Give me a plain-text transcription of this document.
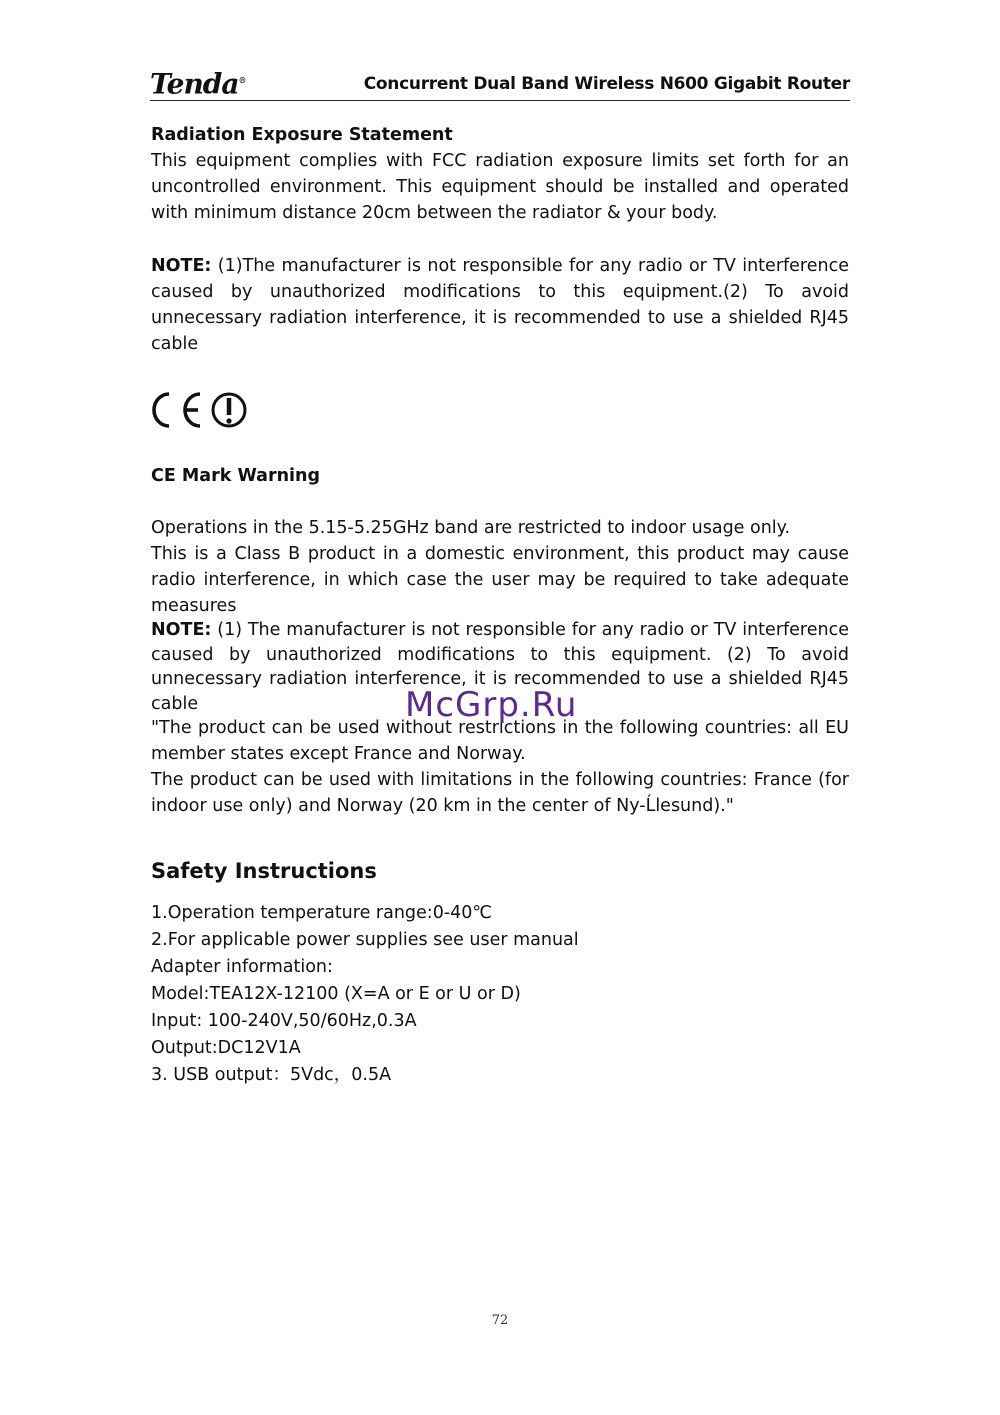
Tenda®	Concurrent Dual Band Wireless N600 Gigabit Router
Radiation Exposure Statement
This equipment complies with FCC radiation exposure limits set forth for an uncontrolled environment. This equipment should be installed and operated with minimum distance 20cm between the radiator & your body.
NOTE: (1)The manufacturer is not responsible for any radio or TV interference caused by unauthorized modifications to this equipment.(2) To avoid unnecessary radiation interference, it is recommended to use a shielded RJ45 cable
CE Mark Warning
Operations in the 5.15-5.25GHz band are restricted to indoor usage only.
This is a Class B product in a domestic environment, this product may cause radio interference, in which case the user may be required to take adequate measures
NOTE: (1) The manufacturer is not responsible for any radio or TV interference caused by unauthorized modifications to this equipment. (2) To avoid unnecessary radiation interference, it is recommended to use a shielded RJ45 cable
"The product can be used without restrictions in the following countries: all EU member states except France and Norway.
The product can be used with limitations in the following countries: France (for indoor use only) and Norway (20 km in the center of Ny-Ĺlesund)."
McGrp.Ru
Safety Instructions
1.Operation temperature range:0-40℃
2.For applicable power supplies see user manual
Adapter information:
Model:TEA12X-12100 (X=A or E or U or D)
Input: 100-240V,50/60Hz,0.3A
Output:DC12V1A
3. USB output：5Vdc，0.5A
72
